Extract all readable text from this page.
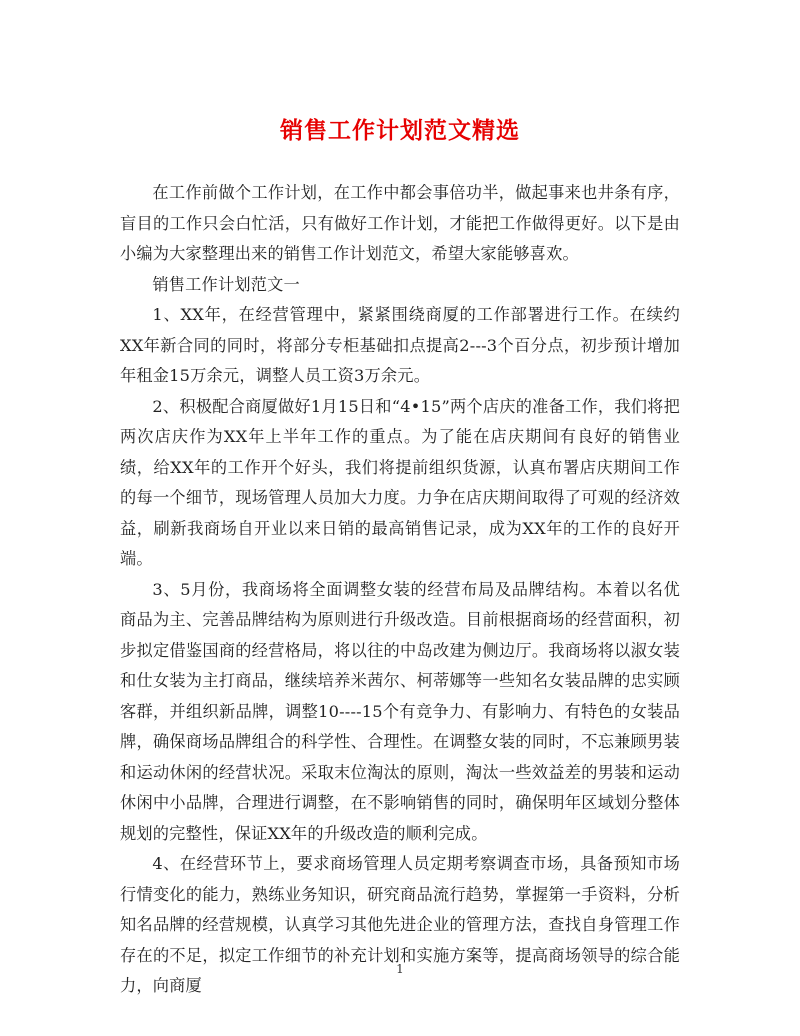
销售工作计划范文精选

在工作前做个工作计划，在工作中都会事倍功半，做起事来也井条有序，盲目的工作只会白忙活，只有做好工作计划，才能把工作做得更好。以下是由小编为大家整理出来的销售工作计划范文，希望大家能够喜欢。

销售工作计划范文一

1、XX年，在经营管理中，紧紧围绕商厦的工作部署进行工作。在续约XX年新合同的同时，将部分专柜基础扣点提高2---3个百分点，初步预计增加年租金15万余元，调整人员工资3万余元。

2、积极配合商厦做好1月15日和“4•15”两个店庆的准备工作，我们将把两次店庆作为XX年上半年工作的重点。为了能在店庆期间有良好的销售业绩，给XX年的工作开个好头，我们将提前组织货源，认真布署店庆期间工作的每一个细节，现场管理人员加大力度。力争在店庆期间取得了可观的经济效益，刷新我商场自开业以来日销的最高销售记录，成为XX年的工作的良好开端。

3、5月份，我商场将全面调整女装的经营布局及品牌结构。本着以名优商品为主、完善品牌结构为原则进行升级改造。目前根据商场的经营面积，初步拟定借鉴国商的经营格局，将以往的中岛改建为侧边厅。我商场将以淑女装和仕女装为主打商品，继续培养米茜尔、柯蒂娜等一些知名女装品牌的忠实顾客群，并组织新品牌，调整10----15个有竞争力、有影响力、有特色的女装品牌，确保商场品牌组合的科学性、合理性。在调整女装的同时，不忘兼顾男装和运动休闲的经营状况。采取末位淘汰的原则，淘汰一些效益差的男装和运动休闲中小品牌，合理进行调整，在不影响销售的同时，确保明年区域划分整体规划的完整性，保证XX年的升级改造的顺利完成。

4、在经营环节上，要求商场管理人员定期考察调查市场，具备预知市场行情变化的能力，熟练业务知识，研究商品流行趋势，掌握第一手资料，分析知名品牌的经营规模，认真学习其他先进企业的管理方法，查找自身管理工作存在的不足，拟定工作细节的补充计划和实施方案等，提高商场领导的综合能力，向商厦

1
